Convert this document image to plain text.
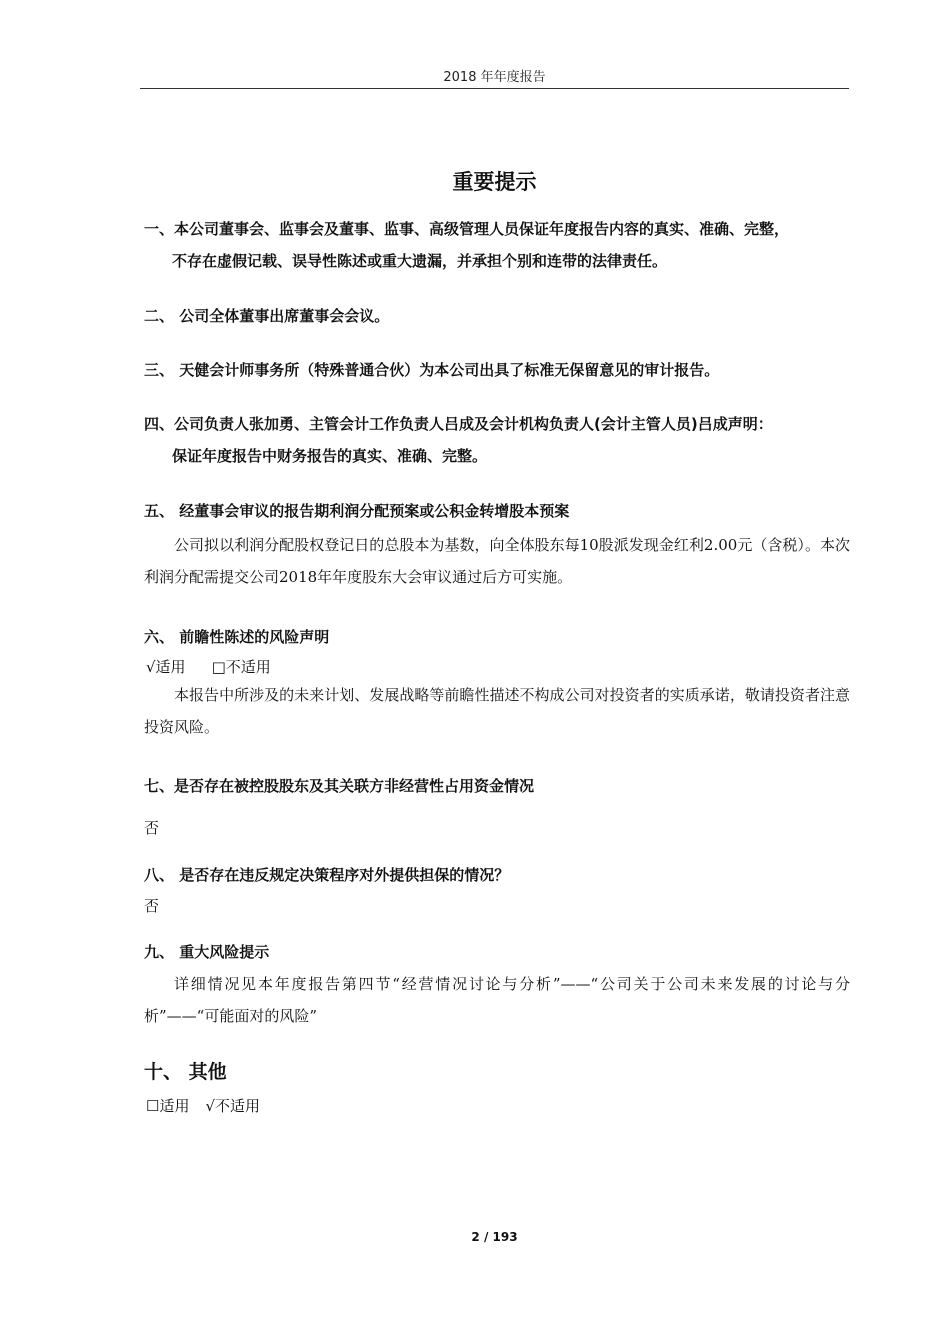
2018 年年度报告
重要提示
一、本公司董事会、监事会及董事、监事、高级管理人员保证年度报告内容的真实、准确、完整，
不存在虚假记载、误导性陈述或重大遗漏，并承担个别和连带的法律责任。
二、 公司全体董事出席董事会会议。
三、 天健会计师事务所（特殊普通合伙）为本公司出具了标准无保留意见的审计报告。
四、公司负责人张加勇、主管会计工作负责人吕成及会计机构负责人(会计主管人员)吕成声明：
保证年度报告中财务报告的真实、准确、完整。
五、 经董事会审议的报告期利润分配预案或公积金转增股本预案
公司拟以利润分配股权登记日的总股本为基数，向全体股东每10股派发现金红利2.00元（含税）。本次利润分配需提交公司2018年年度股东大会审议通过后方可实施。
六、 前瞻性陈述的风险声明
√适用 □不适用
本报告中所涉及的未来计划、发展战略等前瞻性描述不构成公司对投资者的实质承诺，敬请投资者注意投资风险。
七、是否存在被控股股东及其关联方非经营性占用资金情况
否
八、 是否存在违反规定决策程序对外提供担保的情况？
否
九、 重大风险提示
详细情况见本年度报告第四节“经营情况讨论与分析”——“公司关于公司未来发展的讨论与分析”——“可能面对的风险”
十、 其他
☐适用 √不适用
2 / 193
